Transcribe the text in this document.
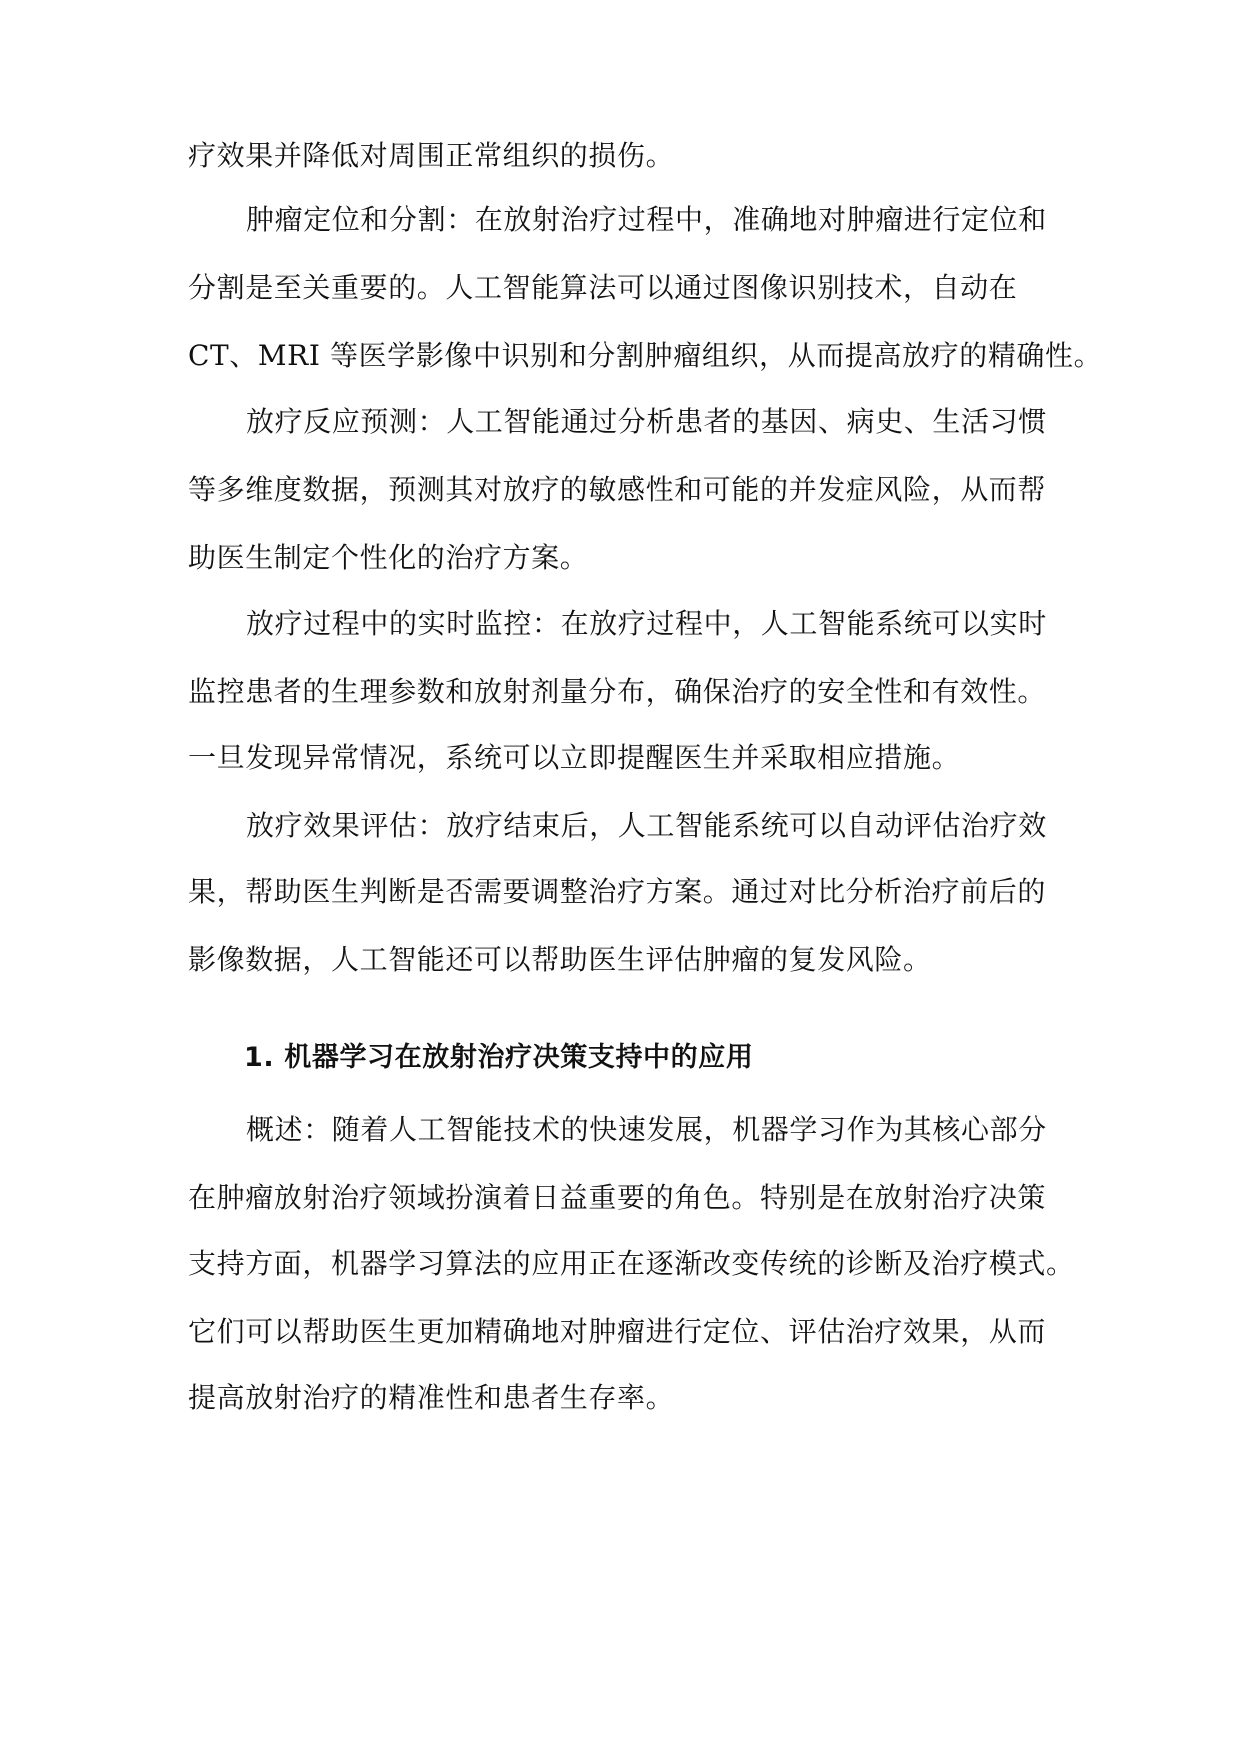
疗效果并降低对周围正常组织的损伤。
肿瘤定位和分割：在放射治疗过程中，准确地对肿瘤进行定位和
分割是至关重要的。人工智能算法可以通过图像识别技术，自动在
CT、MRI 等医学影像中识别和分割肿瘤组织，从而提高放疗的精确性。
放疗反应预测：人工智能通过分析患者的基因、病史、生活习惯
等多维度数据，预测其对放疗的敏感性和可能的并发症风险，从而帮
助医生制定个性化的治疗方案。
放疗过程中的实时监控：在放疗过程中，人工智能系统可以实时
监控患者的生理参数和放射剂量分布，确保治疗的安全性和有效性。
一旦发现异常情况，系统可以立即提醒医生并采取相应措施。
放疗效果评估：放疗结束后，人工智能系统可以自动评估治疗效
果，帮助医生判断是否需要调整治疗方案。通过对比分析治疗前后的
影像数据，人工智能还可以帮助医生评估肿瘤的复发风险。
1. 机器学习在放射治疗决策支持中的应用
概述：随着人工智能技术的快速发展，机器学习作为其核心部分
在肿瘤放射治疗领域扮演着日益重要的角色。特别是在放射治疗决策
支持方面，机器学习算法的应用正在逐渐改变传统的诊断及治疗模式。
它们可以帮助医生更加精确地对肿瘤进行定位、评估治疗效果，从而
提高放射治疗的精准性和患者生存率。
